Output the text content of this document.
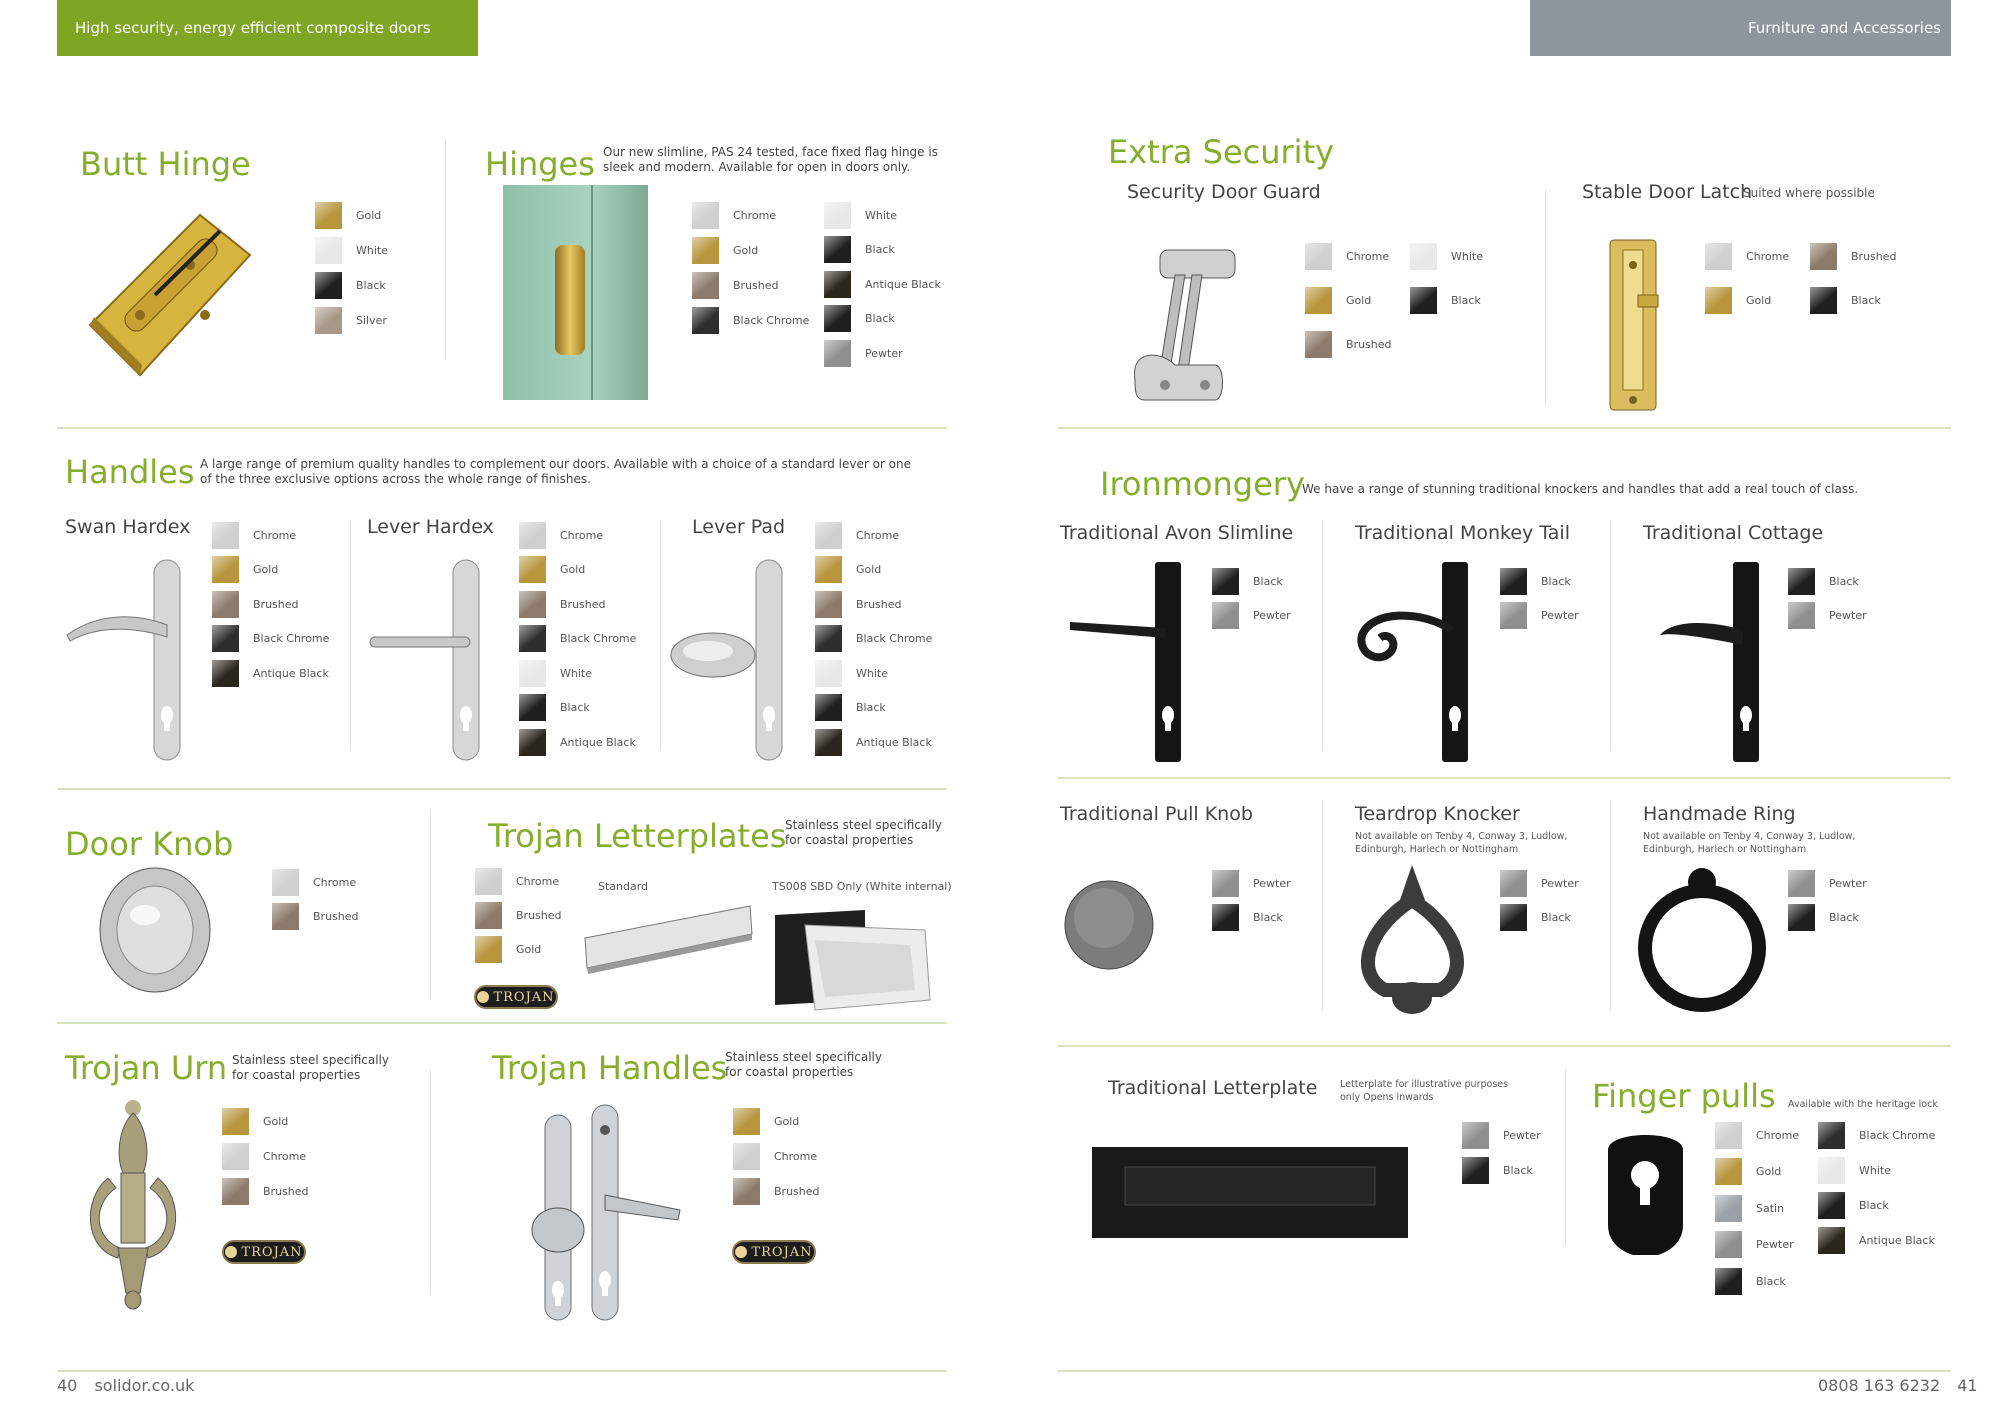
High security, energy efficient composite doors	Furniture and Accessories
Butt Hinge
Gold
White
Black
Silver
Hinges Our new slimline, PAS 24 tested, face fixed flag hinge is sleek and modern. Available for open in doors only.
Chrome
Gold
Brushed
Black Chrome
White
Black
Antique Black
Black
Pewter
Handles A large range of premium quality handles to complement our doors. Available with a choice of a standard lever or one of the three exclusive options across the whole range of finishes.
Swan Hardex	Lever Hardex	Lever Pad
Chrome
Gold
Brushed
Black Chrome
Antique Black
Chrome
Gold
Brushed
Black Chrome
White
Black
Antique Black
Chrome
Gold
Brushed
Black Chrome
White
Black
Antique Black
Door Knob
Chrome
Brushed
Trojan Letterplates
Stainless steel specifically for coastal properties
Standard	TS008 SBD Only (White internal)
Chrome
Brushed
Gold
TROJAN
Trojan Urn Stainless steel specifically for coastal properties
Gold
Chrome
Brushed
TROJAN
Trojan Handles
Stainless steel specifically for coastal properties
Gold
Chrome
Brushed
TROJAN
Extra Security
Security Door Guard
Chrome
Gold
Brushed
White
Black
Stable Door Latch
Suited where possible
Chrome
Gold
Brushed
Black
Ironmongery
We have a range of stunning traditional knockers and handles that add a real touch of class.
Traditional Avon Slimline	Traditional Monkey Tail	Traditional Cottage
Black
Pewter
Black
Pewter
Black
Pewter
Traditional Pull Knob	Teardrop Knocker
Not available on Tenby 4, Conway 3, Ludlow, Edinburgh, Harlech or Nottingham
Handmade Ring
Not available on Tenby 4, Conway 3, Ludlow, Edinburgh, Harlech or Nottingham
Pewter
Black
Pewter
Black
Pewter
Black
Traditional Letterplate Letterplate for illustrative purposes only Opens inwards
Pewter
Black
Finger pulls Available with the heritage lock
Chrome
Gold
Satin
Pewter
Black
Black Chrome
White
Black
Antique Black
40 solidor.co.uk	0808 163 6232 41
